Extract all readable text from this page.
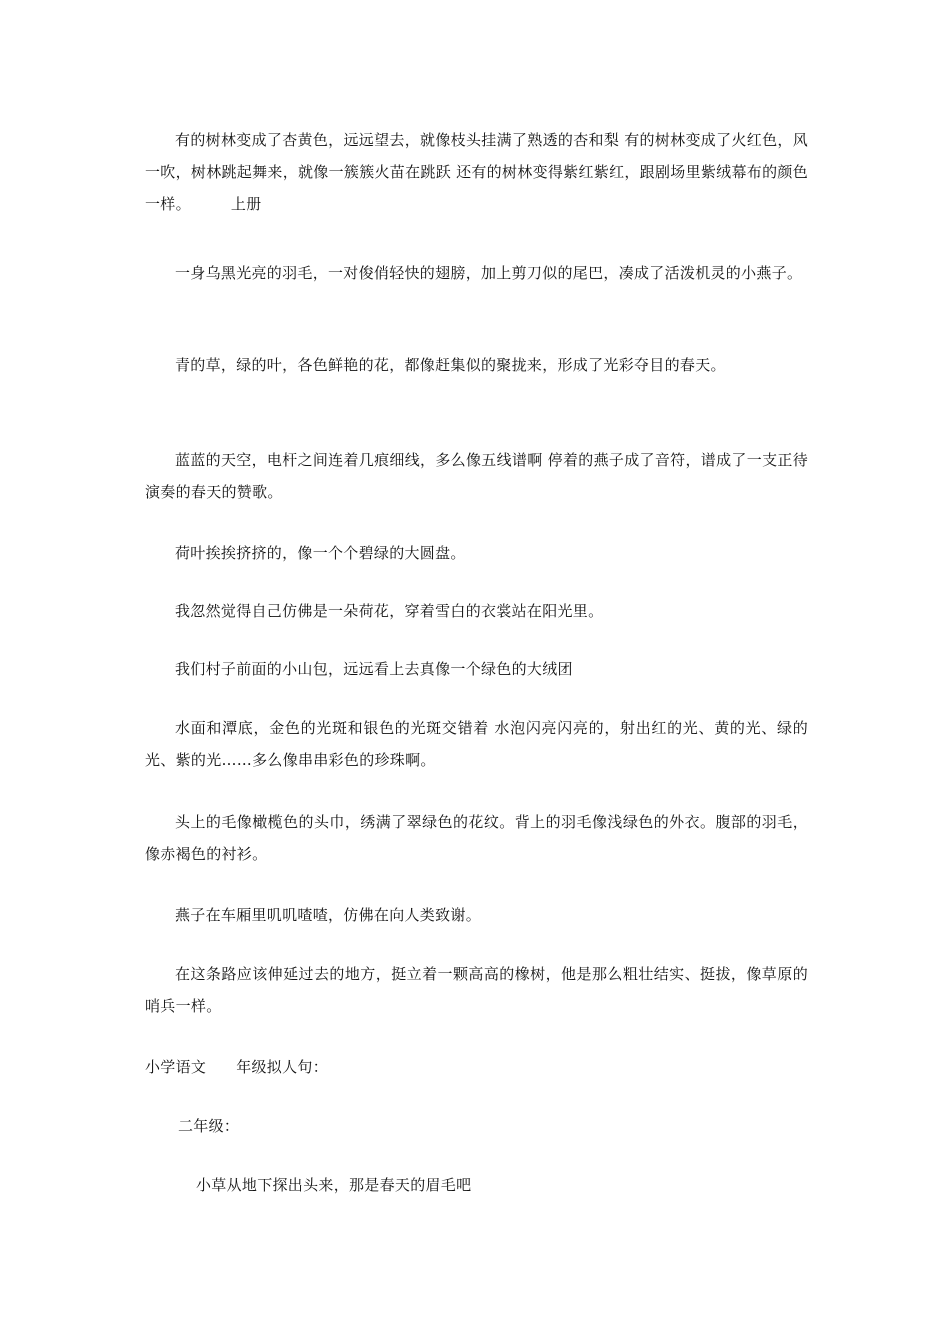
有的树林变成了杏黄色，远远望去，就像枝头挂满了熟透的杏和梨 有的树林变成了火红色，风一吹，树林跳起舞来，就像一簇簇火苗在跳跃 还有的树林变得紫红紫红，跟剧场里紫绒幕布的颜色一样。	上册

一身乌黑光亮的羽毛，一对俊俏轻快的翅膀，加上剪刀似的尾巴，凑成了活泼机灵的小燕子。

青的草，绿的叶，各色鲜艳的花，都像赶集似的聚拢来，形成了光彩夺目的春天。

蓝蓝的天空，电杆之间连着几痕细线，多么像五线谱啊 停着的燕子成了音符，谱成了一支正待演奏的春天的赞歌。

荷叶挨挨挤挤的，像一个个碧绿的大圆盘。

我忽然觉得自己仿佛是一朵荷花，穿着雪白的衣裳站在阳光里。

我们村子前面的小山包，远远看上去真像一个绿色的大绒团

水面和潭底，金色的光斑和银色的光斑交错着 水泡闪亮闪亮的，射出红的光、黄的光、绿的光、紫的光……多么像串串彩色的珍珠啊。

头上的毛像橄榄色的头巾，绣满了翠绿色的花纹。背上的羽毛像浅绿色的外衣。腹部的羽毛，像赤褐色的衬衫。

燕子在车厢里叽叽喳喳，仿佛在向人类致谢。

在这条路应该伸延过去的地方，挺立着一颗高高的橡树，他是那么粗壮结实、挺拔，像草原的哨兵一样。

小学语文 年级拟人句：

二年级：

小草从地下探出头来，那是春天的眉毛吧
